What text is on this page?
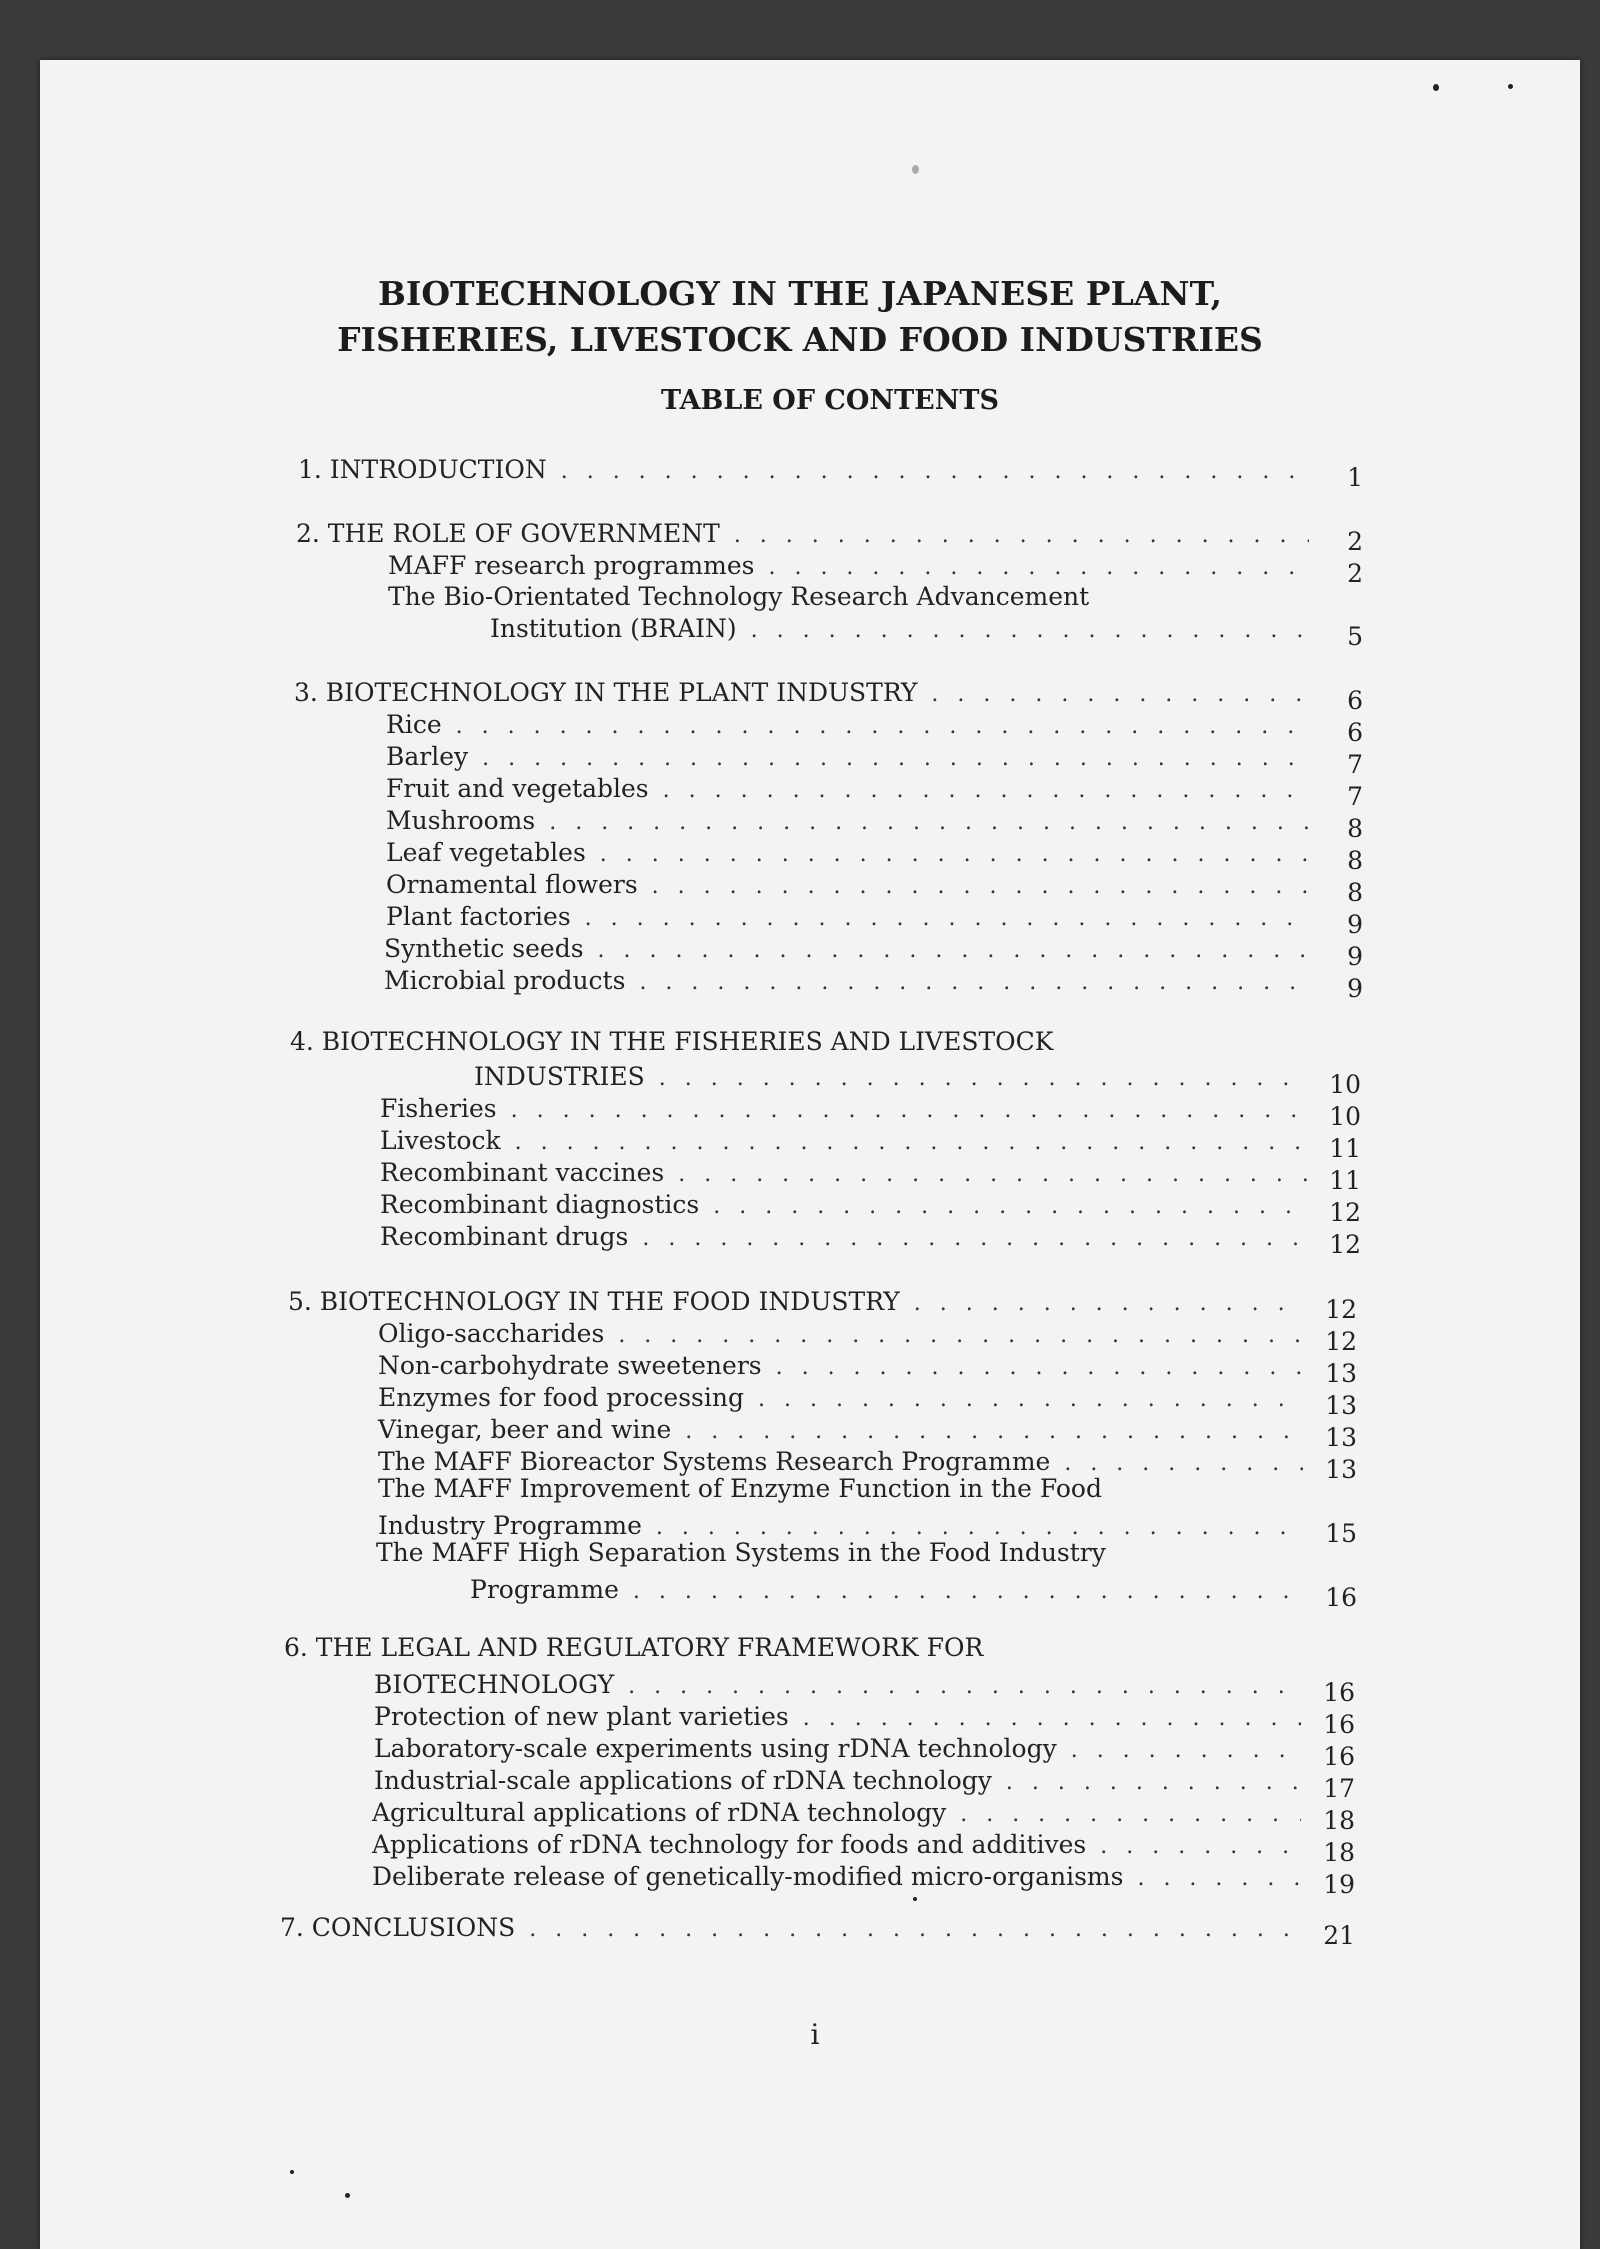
BIOTECHNOLOGY IN THE JAPANESE PLANT,
FISHERIES, LIVESTOCK AND FOOD INDUSTRIES
TABLE OF CONTENTS
1. INTRODUCTION . . .	1
2. THE ROLE OF GOVERNMENT . . .	2
MAFF research programmes . . .	2
The Bio-Orientated Technology Research Advancement
Institution (BRAIN) . . .	5
3. BIOTECHNOLOGY IN THE PLANT INDUSTRY . . .	6
Rice . . .	6
Barley . . .	7
Fruit and vegetables . . .	7
Mushrooms . . .	8
Leaf vegetables . . .	8
Ornamental flowers . . .	8
Plant factories . . .	9
Synthetic seeds . . .	9
Microbial products . . .	9
4. BIOTECHNOLOGY IN THE FISHERIES AND LIVESTOCK
INDUSTRIES . . .	10
Fisheries . . .	10
Livestock . . .	11
Recombinant vaccines . . .	11
Recombinant diagnostics . . .	12
Recombinant drugs . . .	12
5. BIOTECHNOLOGY IN THE FOOD INDUSTRY . . .	12
Oligo-saccharides . . .	12
Non-carbohydrate sweeteners . . .	13
Enzymes for food processing . . .	13
Vinegar, beer and wine . . .	13
The MAFF Bioreactor Systems Research Programme . . .	13
The MAFF Improvement of Enzyme Function in the Food
Industry Programme . . .	15
The MAFF High Separation Systems in the Food Industry
Programme . . .	16
6. THE LEGAL AND REGULATORY FRAMEWORK FOR
BIOTECHNOLOGY . . .	16
Protection of new plant varieties . . .	16
Laboratory-scale experiments using rDNA technology . . .	16
Industrial-scale applications of rDNA technology . . .	17
Agricultural applications of rDNA technology . . .	18
Applications of rDNA technology for foods and additives . . .	18
Deliberate release of genetically-modified micro-organisms . . .	19
7. CONCLUSIONS . . .	21
i
